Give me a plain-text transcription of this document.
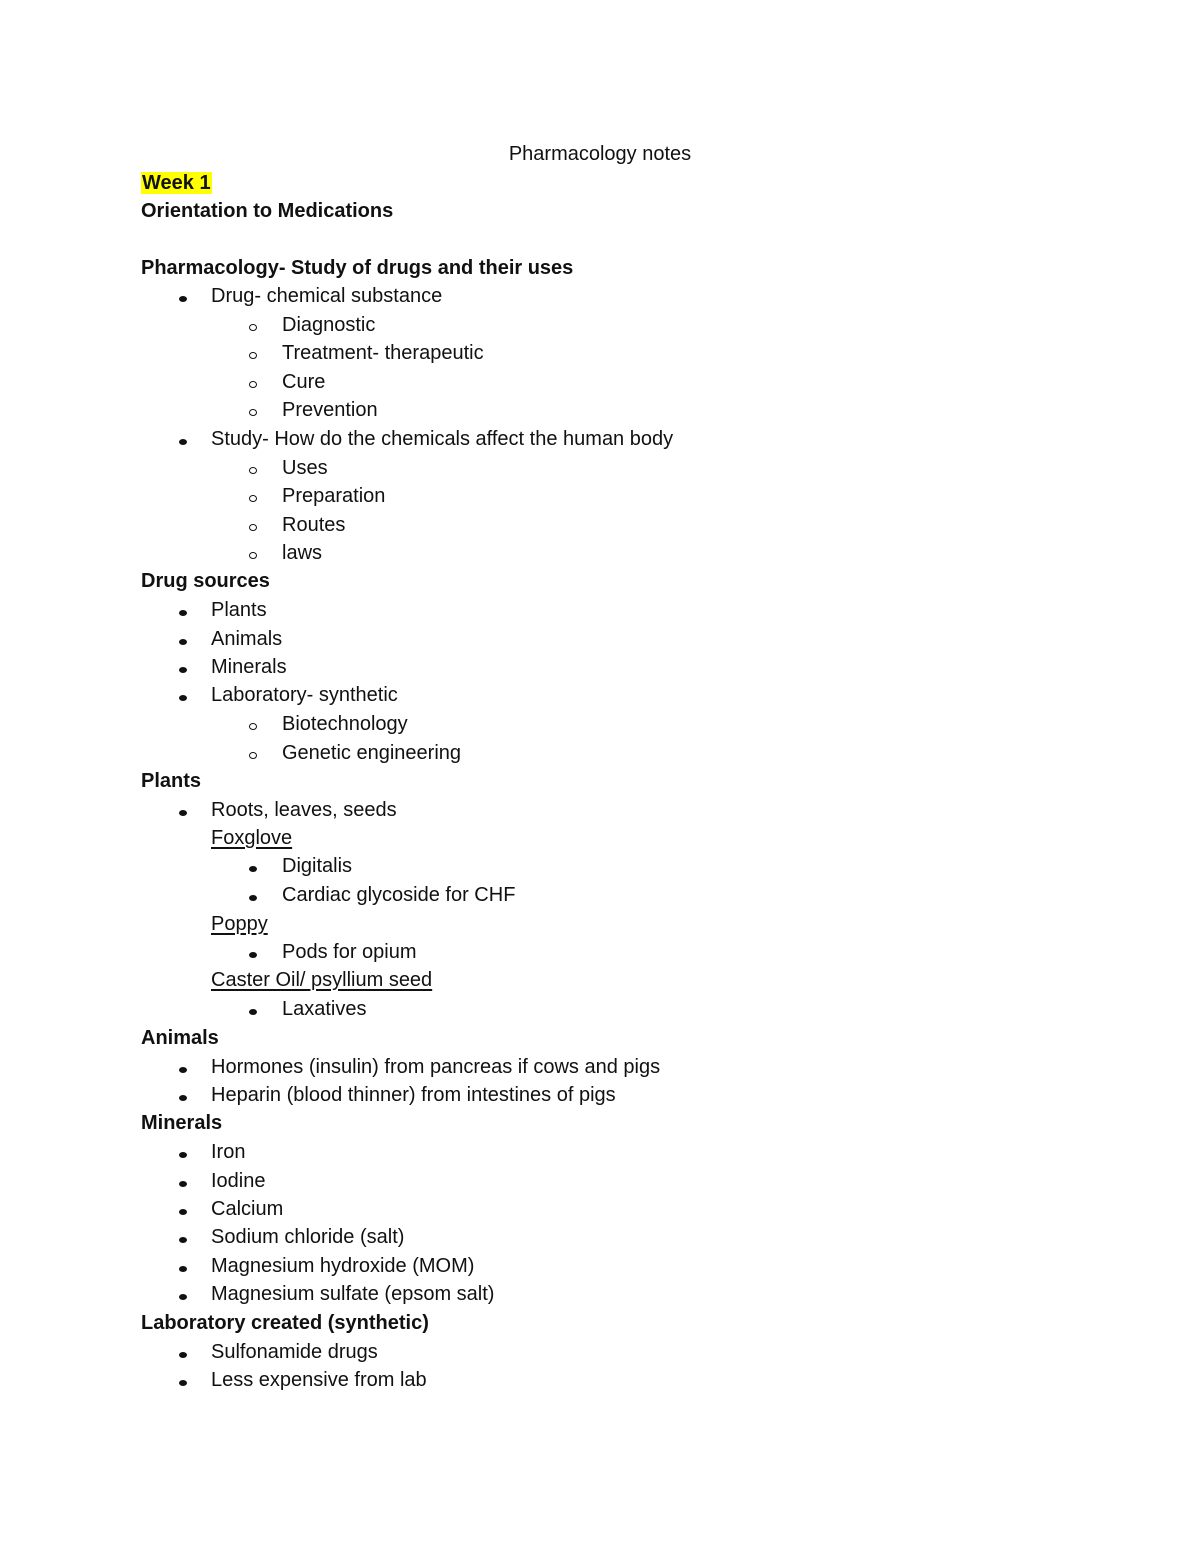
Pharmacology notes

Week 1
Orientation to Medications
Pharmacology- Study of drugs and their uses
Drug- chemical substance
Diagnostic
Treatment- therapeutic
Cure
Prevention
Study- How do the chemicals affect the human body
Uses
Preparation
Routes
laws
Drug sources
Plants
Animals
Minerals
Laboratory- synthetic
Biotechnology
Genetic engineering
Plants
Roots, leaves, seeds
Foxglove
Digitalis
Cardiac glycoside for CHF
Poppy
Pods for opium
Caster Oil/ psyllium seed
Laxatives
Animals
Hormones (insulin) from pancreas if cows and pigs
Heparin (blood thinner) from intestines of pigs
Minerals
Iron
Iodine
Calcium
Sodium chloride (salt)
Magnesium hydroxide (MOM)
Magnesium sulfate (epsom salt)
Laboratory created (synthetic)
Sulfonamide drugs
Less expensive from lab
